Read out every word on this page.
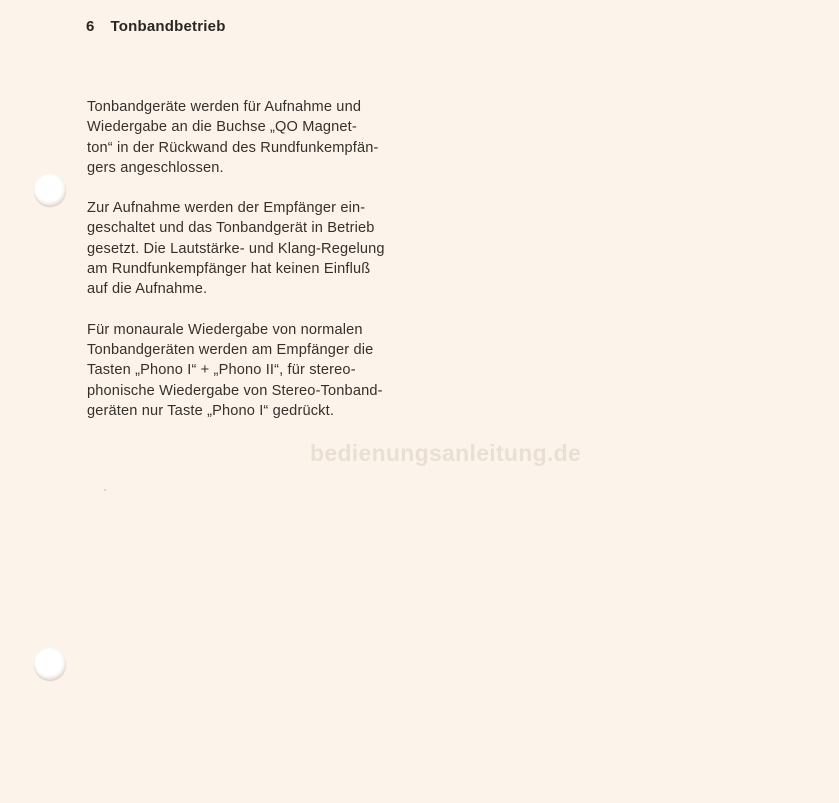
6 Tonbandbetrieb

Tonbandgeräte werden für Aufnahme und
Wiedergabe an die Buchse „QO Magnet-
ton“ in der Rückwand des Rundfunkempfän-
gers angeschlossen.

Zur Aufnahme werden der Empfänger ein-
geschaltet und das Tonbandgerät in Betrieb
gesetzt. Die Lautstärke- und Klang-Regelung
am Rundfunkempfänger hat keinen Einfluß
auf die Aufnahme.

Für monaurale Wiedergabe von normalen
Tonbandgeräten werden am Empfänger die
Tasten „Phono I“ + „Phono II“, für stereo-
phonische Wiedergabe von Stereo-Tonband-
geräten nur Taste „Phono I“ gedrückt.

bedienungsanleitung.de
